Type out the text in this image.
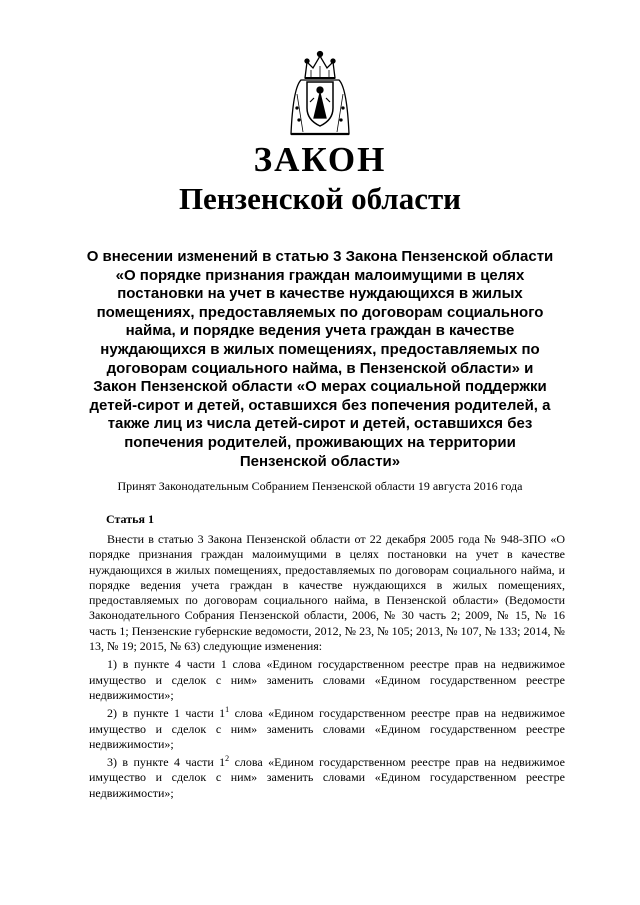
ЗАКОН
Пензенской области
О внесении изменений в статью 3 Закона Пензенской области
«О порядке признания граждан малоимущими в целях
постановки на учет в качестве нуждающихся в жилых
помещениях, предоставляемых по договорам социального
найма, и порядке ведения учета граждан в качестве
нуждающихся в жилых помещениях, предоставляемых по
договорам социального найма, в Пензенской области» и
Закон Пензенской области «О мерах социальной поддержки
детей-сирот и детей, оставшихся без попечения родителей, а
также лиц из числа детей-сирот и детей, оставшихся без
попечения родителей, проживающих на территории
Пензенской области»
Принят Законодательным Собранием Пензенской области 19 августа 2016 года
Статья 1

Внести в статью 3 Закона Пензенской области от 22 декабря 2005 года № 948-ЗПО «О порядке признания граждан малоимущими в целях постановки на учет в качестве нуждающихся в жилых помещениях, предоставляемых по договорам социального найма, и порядке ведения учета граждан в качестве нуждающихся в жилых помещениях, предоставляемых по договорам социального найма, в Пензенской области» (Ведомости Законодательного Собрания Пензенской области, 2006, № 30 часть 2; 2009, № 15, № 16 часть 1; Пензенские губернские ведомости, 2012, № 23, № 105; 2013, № 107, № 133; 2014, № 13, № 19; 2015, № 63) следующие изменения:

1) в пункте 4 части 1 слова «Едином государственном реестре прав на недвижимое имущество и сделок с ним» заменить словами «Едином государственном реестре недвижимости»;

2) в пункте 1 части $1^1$ слова «Едином государственном реестре прав на недвижимое имущество и сделок с ним» заменить словами «Едином государственном реестре недвижимости»;

3) в пункте 4 части $1^2$ слова «Едином государственном реестре прав на недвижимое имущество и сделок с ним» заменить словами «Едином государственном реестре недвижимости»;
